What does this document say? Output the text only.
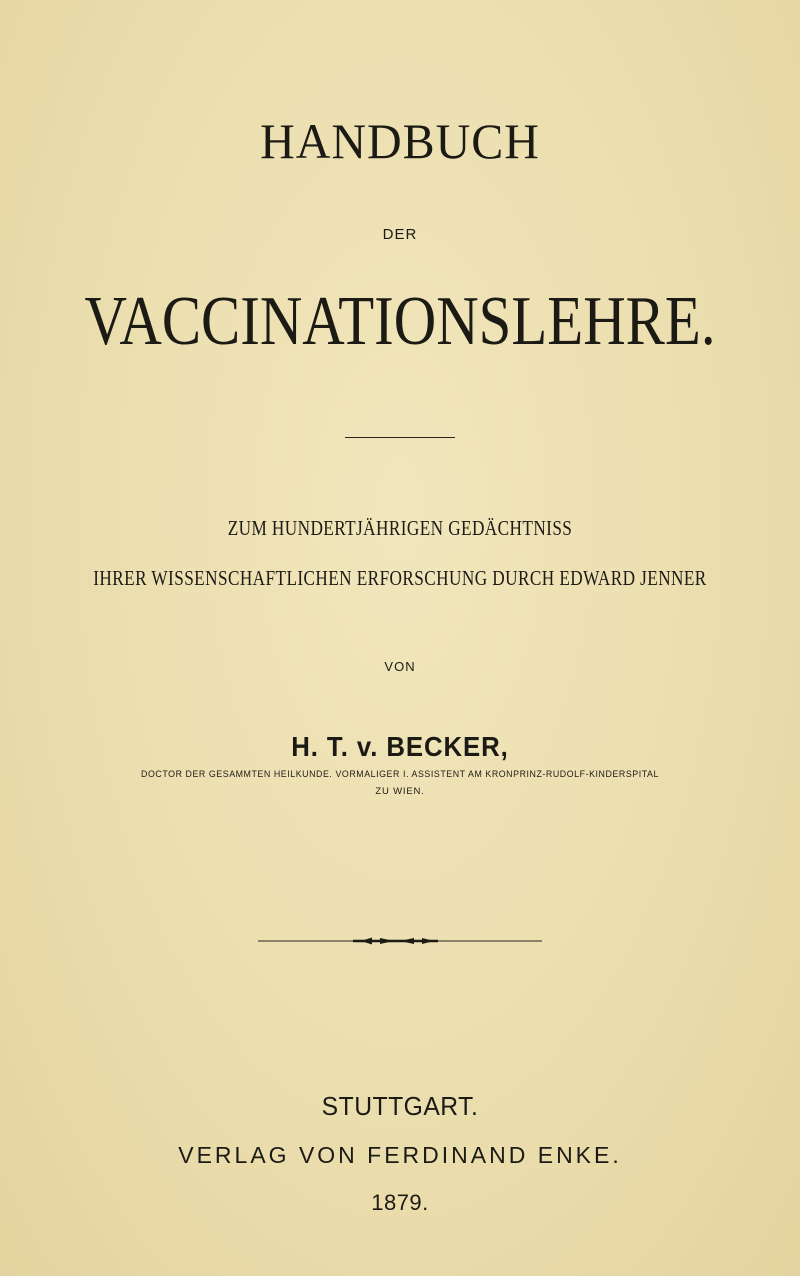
HANDBUCH
DER
VACCINATIONSLEHRE.
ZUM HUNDERTJÄHRIGEN GEDÄCHTNISS
IHRER WISSENSCHAFTLICHEN ERFORSCHUNG DURCH EDWARD JENNER
VON
H. T. v. BECKER,
DOCTOR DER GESAMMTEN HEILKUNDE. VORMALIGER I. ASSISTENT AM KRONPRINZ-RUDOLF-KINDERSPITAL
ZU WIEN.
STUTTGART.
VERLAG VON FERDINAND ENKE.
1879.
